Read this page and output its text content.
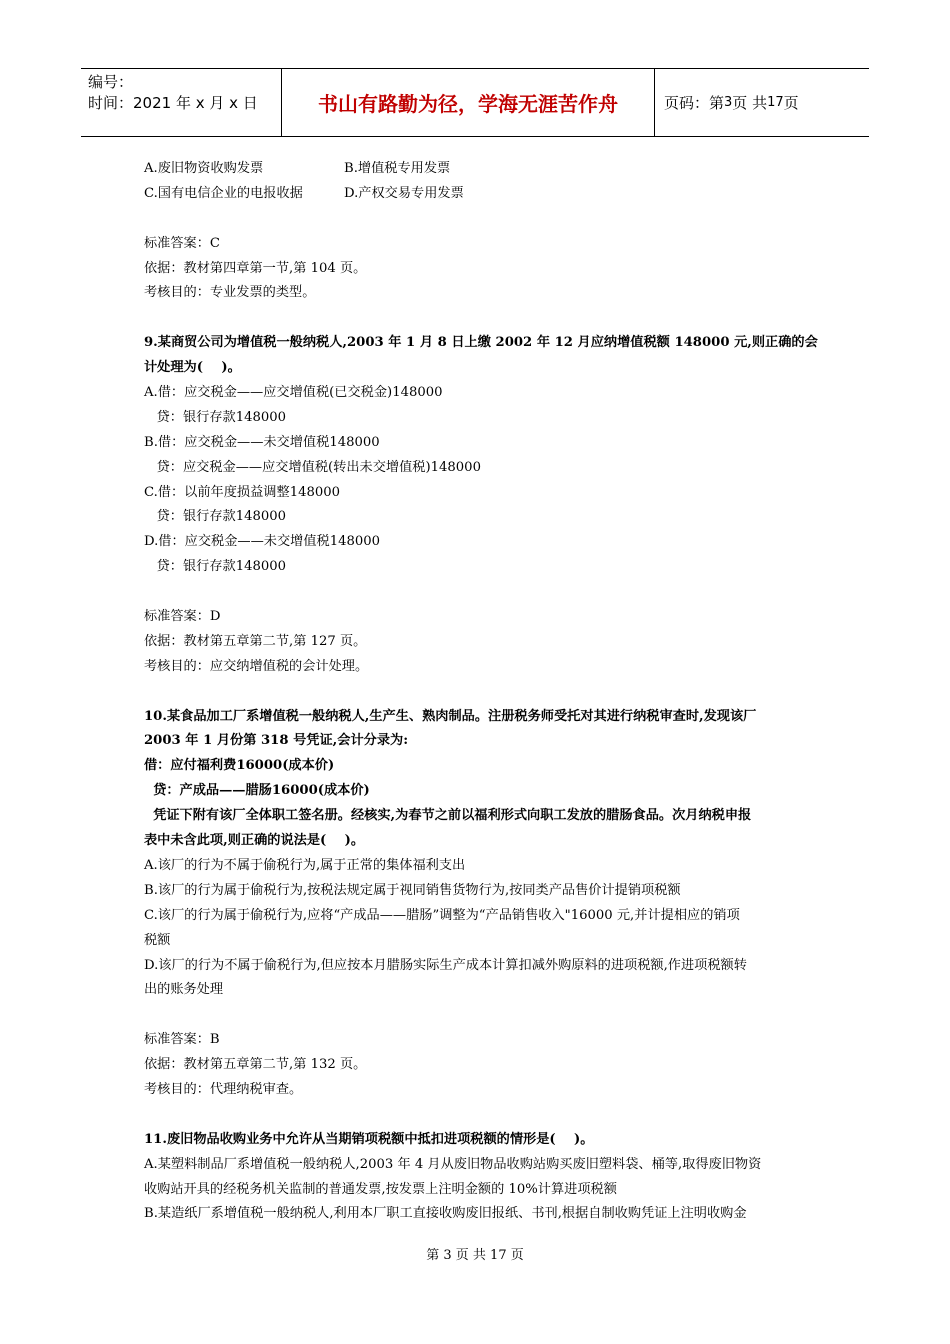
编号：
时间：2021 年 x 月 x 日	书山有路勤为径，学海无涯苦作舟	页码：第 3 页 共 17 页
A.废旧物资收购发票	B.增值税专用发票
C.国有电信企业的电报收据	D.产权交易专用发票
标准答案：C
依据：教材第四章第一节,第 104 页。
考核目的：专业发票的类型。
9.某商贸公司为增值税一般纳税人,2003 年 1 月 8 日上缴 2002 年 12 月应纳增值税额 148000 元,则正确的会
计处理为(    )。
A.借：应交税金——应交增值税(已交税金)148000
贷：银行存款148000
B.借：应交税金——未交增值税148000
贷：应交税金——应交增值税(转出未交增值税)148000
C.借：以前年度损益调整148000
贷：银行存款148000
D.借：应交税金——未交增值税148000
贷：银行存款148000
标准答案：D
依据：教材第五章第二节,第 127 页。
考核目的：应交纳增值税的会计处理。
10.某食品加工厂系增值税一般纳税人,生产生、熟肉制品。注册税务师受托对其进行纳税审查时,发现该厂
2003 年 1 月份第 318 号凭证,会计分录为:
借：应付福利费16000(成本价)
贷：产成品——腊肠16000(成本价)
凭证下附有该厂全体职工签名册。经核实,为春节之前以福利形式向职工发放的腊肠食品。次月纳税申报
表中未含此项,则正确的说法是(    )。
A.该厂的行为不属于偷税行为,属于正常的集体福利支出
B.该厂的行为属于偷税行为,按税法规定属于视同销售货物行为,按同类产品售价计提销项税额
C.该厂的行为属于偷税行为,应将“产成品——腊肠”调整为“产品销售收入"16000 元,并计提相应的销项
税额
D.该厂的行为不属于偷税行为,但应按本月腊肠实际生产成本计算扣减外购原料的进项税额,作进项税额转
出的账务处理
标准答案：B
依据：教材第五章第二节,第 132 页。
考核目的：代理纳税审查。
11.废旧物品收购业务中允许从当期销项税额中抵扣进项税额的情形是(    )。
A.某塑料制品厂系增值税一般纳税人,2003 年 4 月从废旧物品收购站购买废旧塑料袋、桶等,取得废旧物资
收购站开具的经税务机关监制的普通发票,按发票上注明金额的 10%计算进项税额
B.某造纸厂系增值税一般纳税人,利用本厂职工直接收购废旧报纸、书刊,根据自制收购凭证上注明收购金
第 3 页 共 17 页
